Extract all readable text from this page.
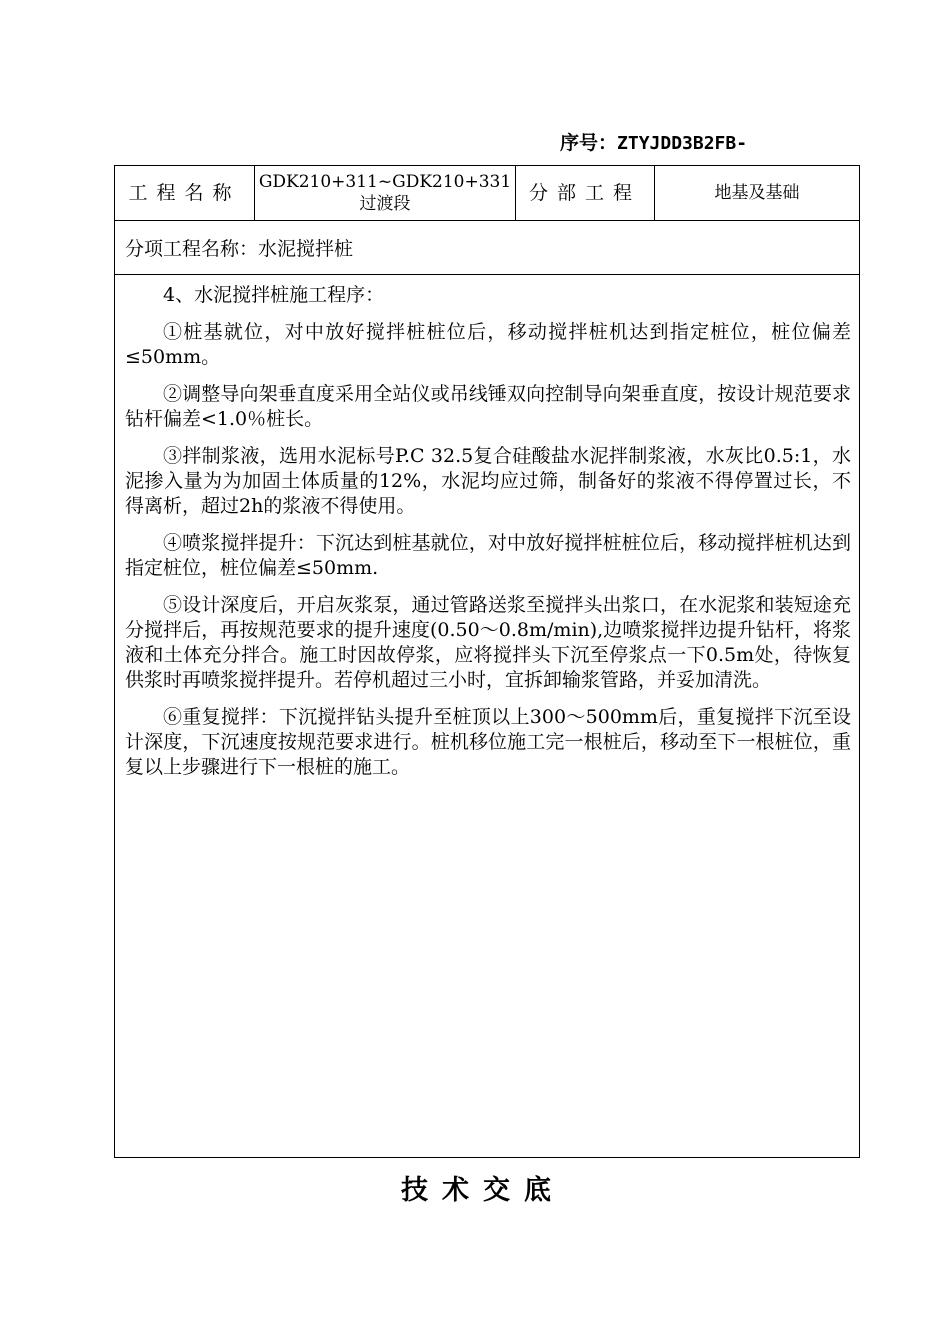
序号：ZTYJDD3B2FB-
工程名称	GDK210+311~GDK210+331过渡段	分部工程	地基及基础
分项工程名称：水泥搅拌桩

4、水泥搅拌桩施工程序：

①桩基就位，对中放好搅拌桩桩位后，移动搅拌桩机达到指定桩位，桩位偏差≤50mm。

②调整导向架垂直度采用全站仪或吊线锤双向控制导向架垂直度，按设计规范要求钻杆偏差<1.0％桩长。

③拌制浆液，选用水泥标号P.C 32.5复合硅酸盐水泥拌制浆液，水灰比0.5:1，水泥掺入量为为加固土体质量的12%，水泥均应过筛，制备好的浆液不得停置过长，不得离析，超过2h的浆液不得使用。

④喷浆搅拌提升：下沉达到桩基就位，对中放好搅拌桩桩位后，移动搅拌桩机达到指定桩位，桩位偏差≤50mm.

⑤设计深度后，开启灰浆泵，通过管路送浆至搅拌头出浆口，在水泥浆和装短途充分搅拌后，再按规范要求的提升速度(0.50～0.8m/min),边喷浆搅拌边提升钻杆，将浆液和土体充分拌合。施工时因故停浆，应将搅拌头下沉至停浆点一下0.5m处，待恢复供浆时再喷浆搅拌提升。若停机超过三小时，宜拆卸输浆管路，并妥加清洗。

⑥重复搅拌：下沉搅拌钻头提升至桩顶以上300～500mm后，重复搅拌下沉至设计深度，下沉速度按规范要求进行。桩机移位施工完一根桩后，移动至下一根桩位，重复以上步骤进行下一根桩的施工。

技术交底
